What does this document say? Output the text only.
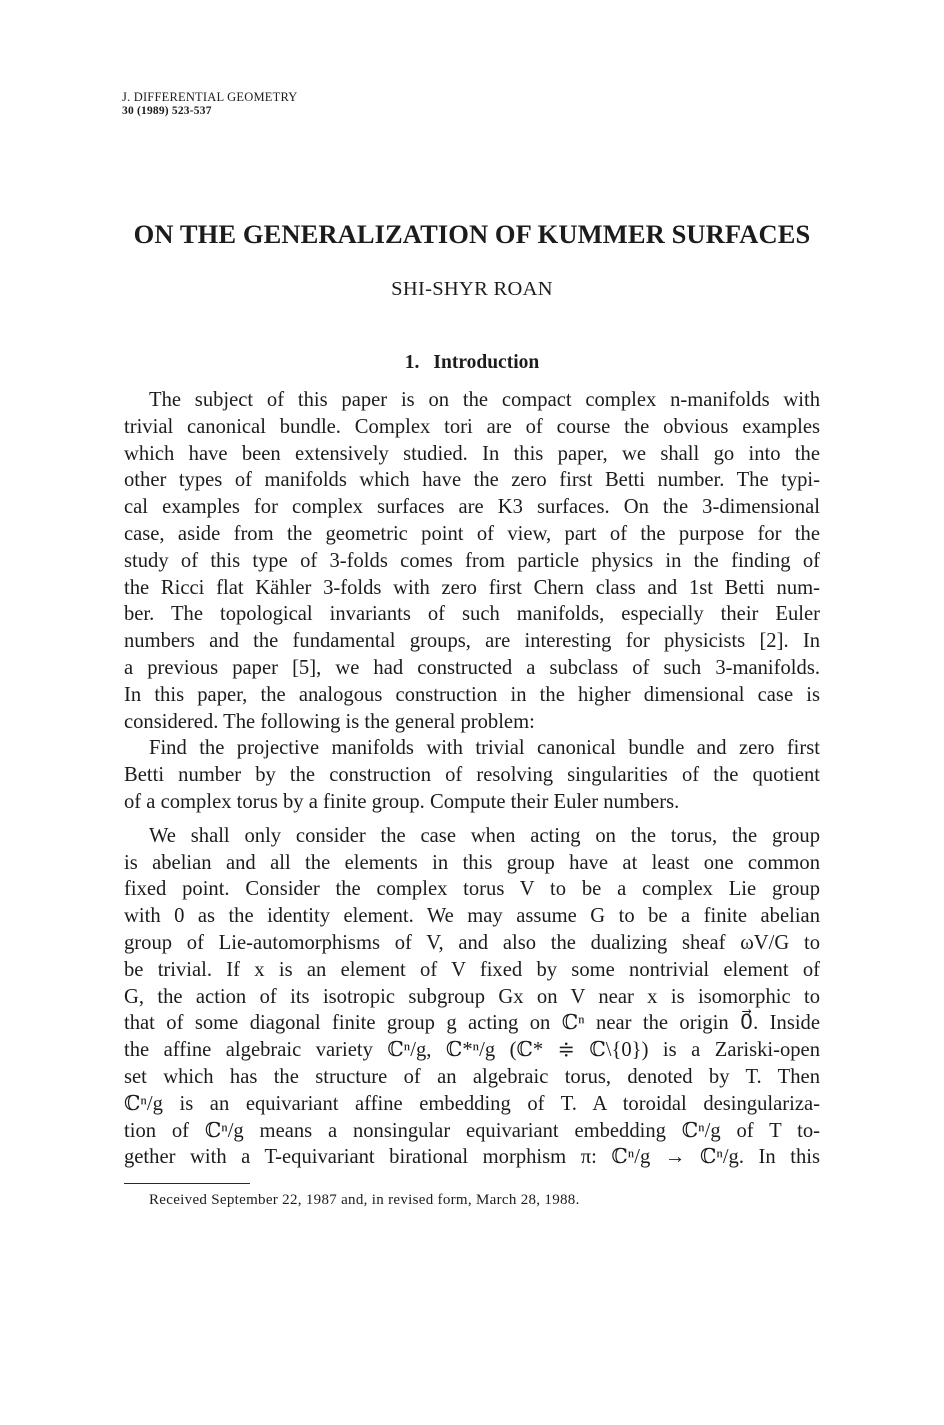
J. DIFFERENTIAL GEOMETRY
30 (1989) 523-537
ON THE GENERALIZATION OF KUMMER SURFACES
SHI-SHYR ROAN
1. Introduction
The subject of this paper is on the compact complex n-manifolds with
trivial canonical bundle. Complex tori are of course the obvious examples
which have been extensively studied. In this paper, we shall go into the
other types of manifolds which have the zero first Betti number. The typi-
cal examples for complex surfaces are K3 surfaces. On the 3-dimensional
case, aside from the geometric point of view, part of the purpose for the
study of this type of 3-folds comes from particle physics in the finding of
the Ricci flat Kähler 3-folds with zero first Chern class and 1st Betti num-
ber. The topological invariants of such manifolds, especially their Euler
numbers and the fundamental groups, are interesting for physicists [2]. In
a previous paper [5], we had constructed a subclass of such 3-manifolds.
In this paper, the analogous construction in the higher dimensional case is
considered. The following is the general problem:
Find the projective manifolds with trivial canonical bundle and zero first
Betti number by the construction of resolving singularities of the quotient
of a complex torus by a finite group. Compute their Euler numbers.
We shall only consider the case when acting on the torus, the group
is abelian and all the elements in this group have at least one common
fixed point. Consider the complex torus V to be a complex Lie group
with 0 as the identity element. We may assume G to be a finite abelian
group of Lie-automorphisms of V, and also the dualizing sheaf ωV/G to
be trivial. If x is an element of V fixed by some nontrivial element of
G, the action of its isotropic subgroup Gx on V near x is isomorphic to
that of some diagonal finite group g acting on ℂⁿ near the origin 0⃗. Inside
the affine algebraic variety ℂⁿ/g, ℂ*ⁿ/g (ℂ* ≑ ℂ\{0}) is a Zariski-open
set which has the structure of an algebraic torus, denoted by T. Then
ℂⁿ/g is an equivariant affine embedding of T. A toroidal desingulariza-
tion of ℂⁿ/g means a nonsingular equivariant embedding ℂⁿ/g of T to-
gether with a T-equivariant birational morphism π: ℂⁿ/g → ℂⁿ/g. In this
Received September 22, 1987 and, in revised form, March 28, 1988.
